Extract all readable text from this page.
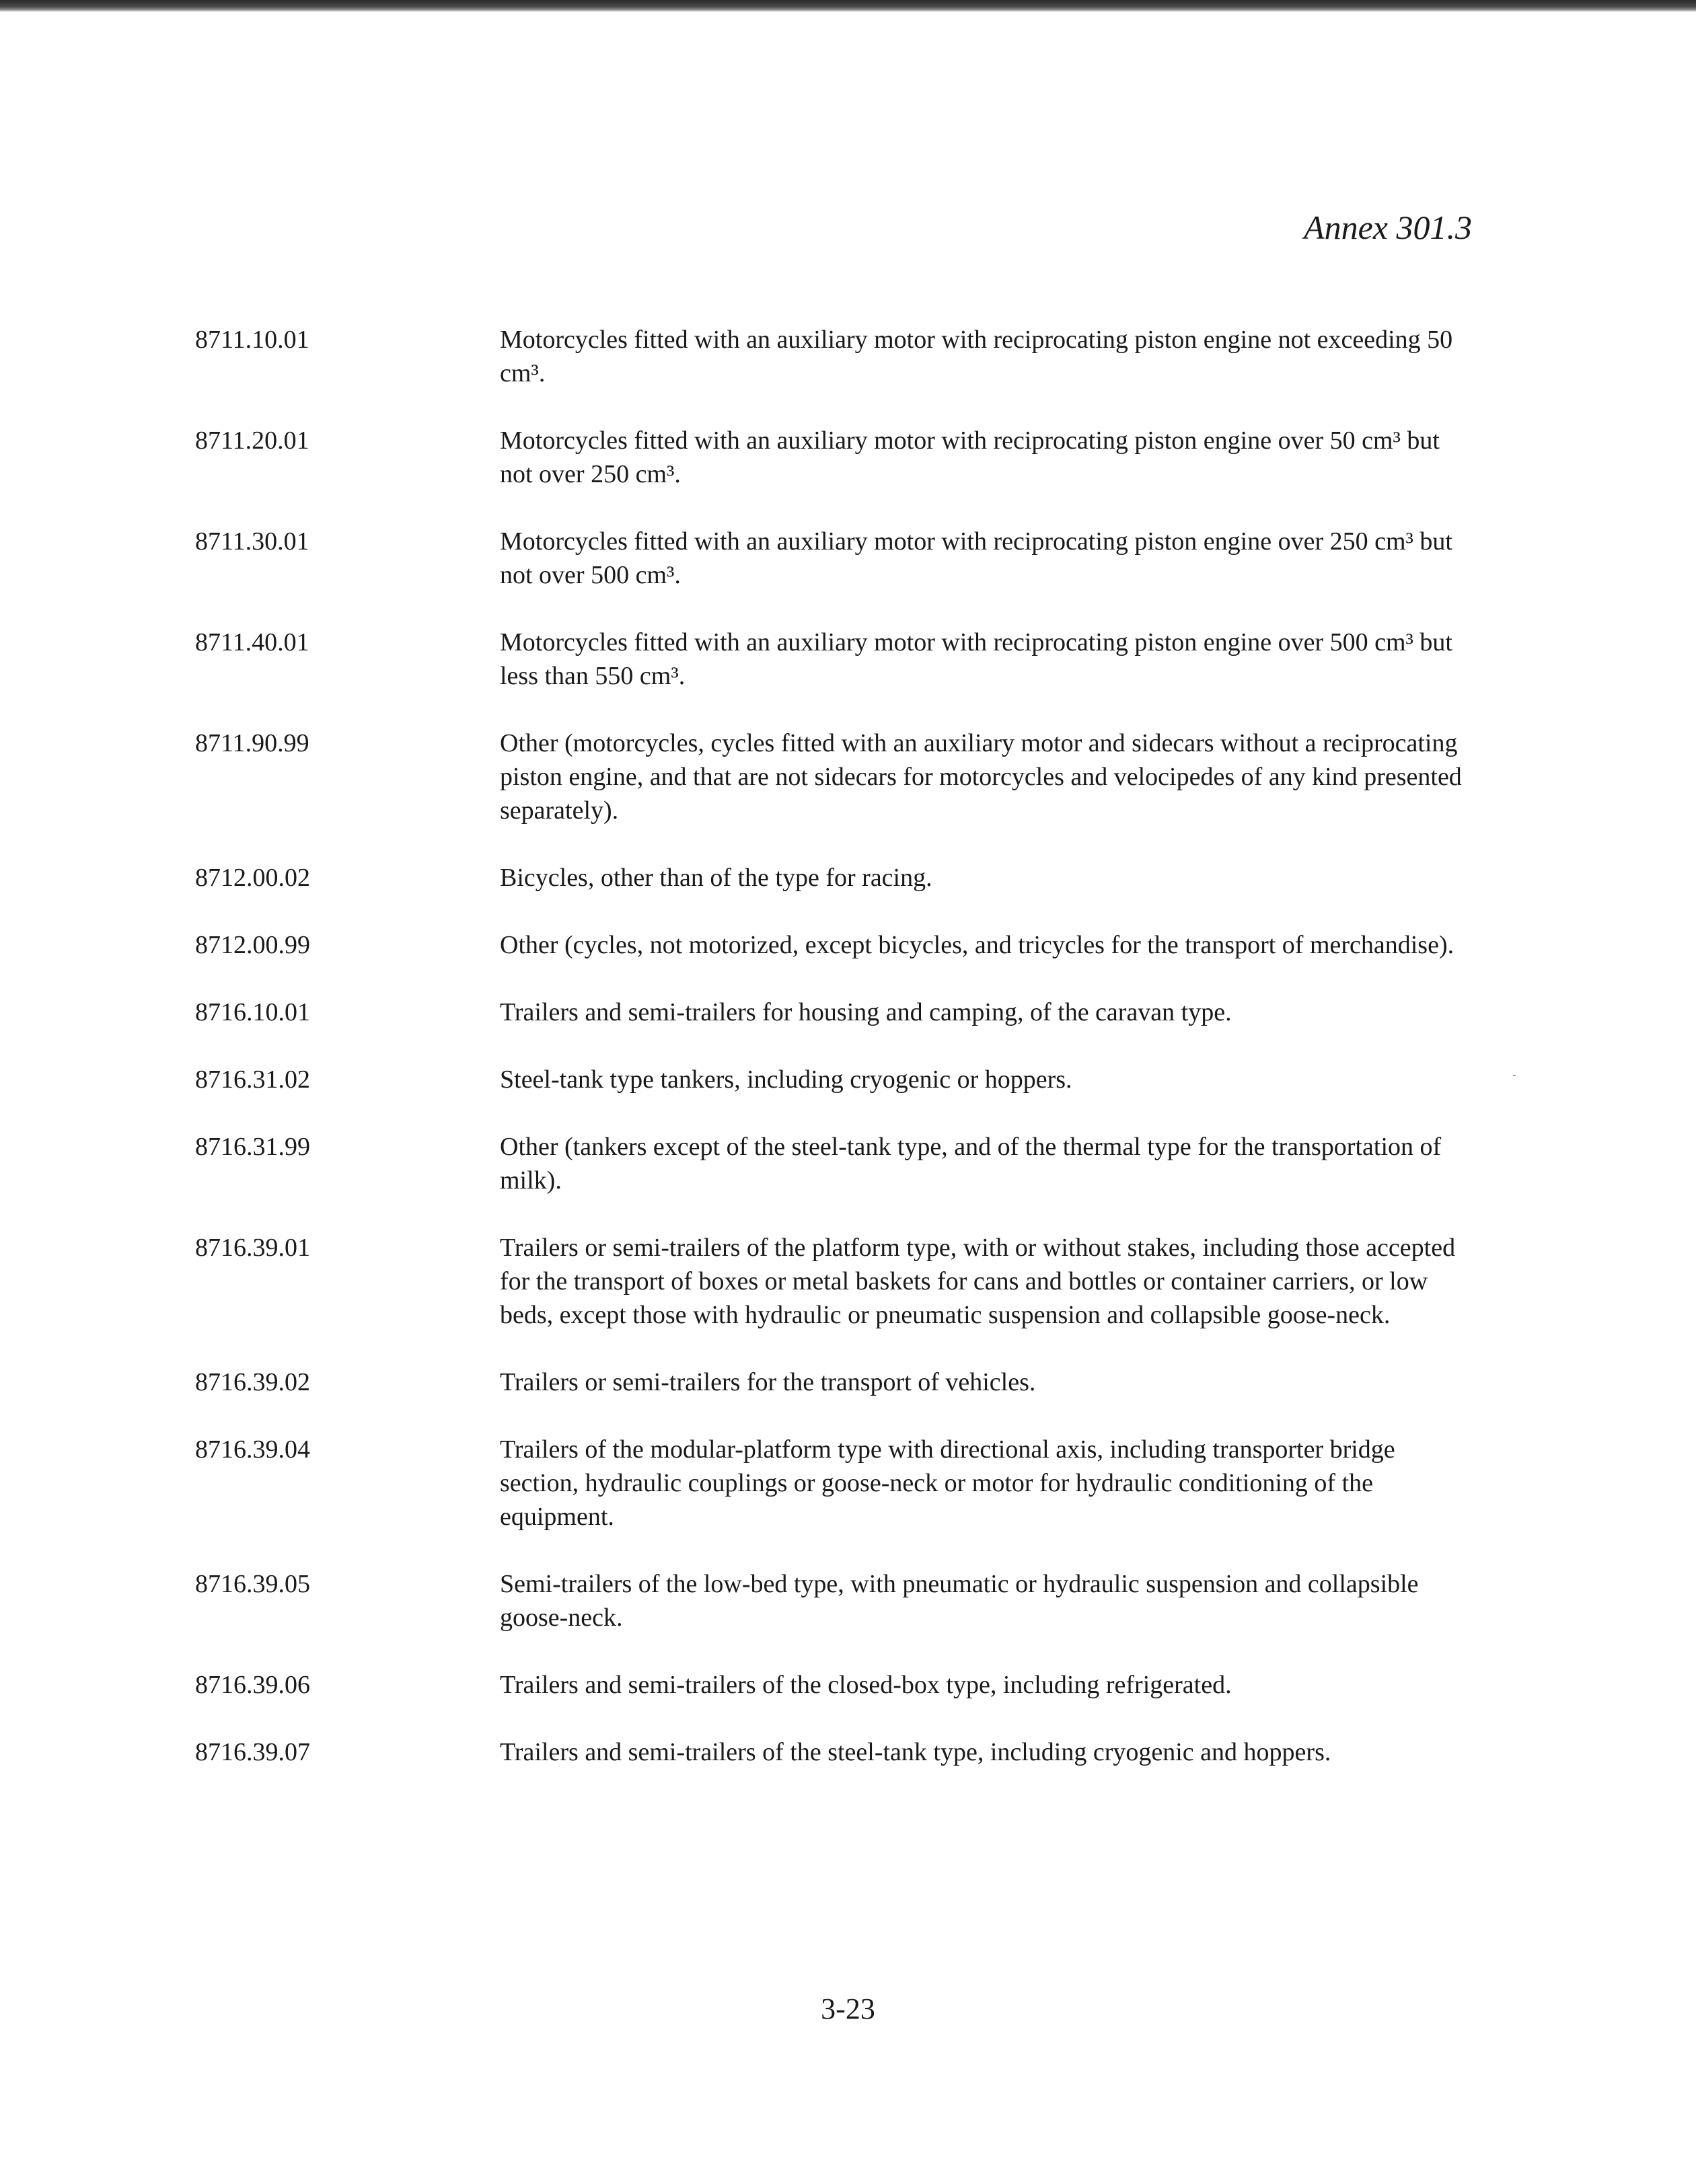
Annex 301.3
8711.10.01	Motorcycles fitted with an auxiliary motor with reciprocating piston engine not exceeding 50 cm³.
8711.20.01	Motorcycles fitted with an auxiliary motor with reciprocating piston engine over 50 cm³ but not over 250 cm³.
8711.30.01	Motorcycles fitted with an auxiliary motor with reciprocating piston engine over 250 cm³ but not over 500 cm³.
8711.40.01	Motorcycles fitted with an auxiliary motor with reciprocating piston engine over 500 cm³ but less than 550 cm³.
8711.90.99	Other (motorcycles, cycles fitted with an auxiliary motor and sidecars without a reciprocating piston engine, and that are not sidecars for motorcycles and velocipedes of any kind presented separately).
8712.00.02	Bicycles, other than of the type for racing.
8712.00.99	Other (cycles, not motorized, except bicycles, and tricycles for the transport of merchandise).
8716.10.01	Trailers and semi-trailers for housing and camping, of the caravan type.
8716.31.02	Steel-tank type tankers, including cryogenic or hoppers.
8716.31.99	Other (tankers except of the steel-tank type, and of the thermal type for the transportation of milk).
8716.39.01	Trailers or semi-trailers of the platform type, with or without stakes, including those accepted for the transport of boxes or metal baskets for cans and bottles or container carriers, or low beds, except those with hydraulic or pneumatic suspension and collapsible goose-neck.
8716.39.02	Trailers or semi-trailers for the transport of vehicles.
8716.39.04	Trailers of the modular-platform type with directional axis, including transporter bridge section, hydraulic couplings or goose-neck or motor for hydraulic conditioning of the equipment.
8716.39.05	Semi-trailers of the low-bed type, with pneumatic or hydraulic suspension and collapsible goose-neck.
8716.39.06	Trailers and semi-trailers of the closed-box type, including refrigerated.
8716.39.07	Trailers and semi-trailers of the steel-tank type, including cryogenic and hoppers.
3-23
